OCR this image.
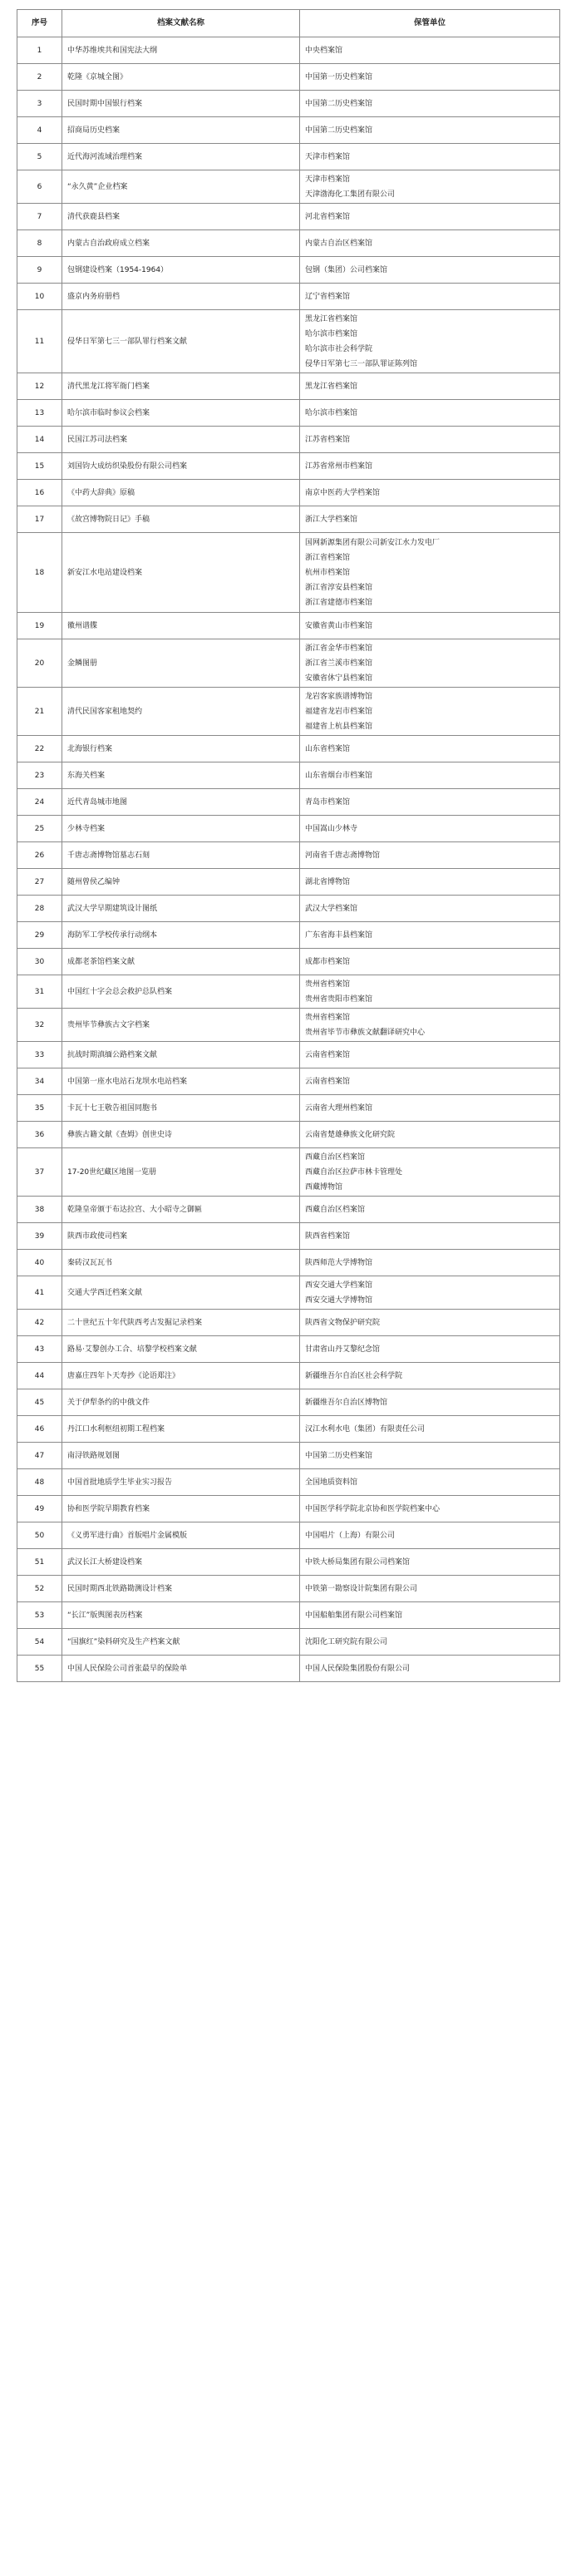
序号	档案文献名称	保管单位
1	中华苏维埃共和国宪法大纲	中央档案馆

2	乾隆《京城全图》	中国第一历史档案馆

3	民国时期中国银行档案	中国第二历史档案馆

4	招商局历史档案	中国第二历史档案馆

5	近代海河流域治理档案	天津市档案馆

6	“永久黄”企业档案	天津市档案馆
天津渤海化工集团有限公司

7	清代获鹿县档案	河北省档案馆

8	内蒙古自治政府成立档案	内蒙古自治区档案馆

9	包钢建设档案（1954-1964）	包钢（集团）公司档案馆

10	盛京内务府册档	辽宁省档案馆

11	侵华日军第七三一部队罪行档案文献	黑龙江省档案馆
哈尔滨市档案馆
哈尔滨市社会科学院
侵华日军第七三一部队罪证陈列馆

12	清代黑龙江将军衙门档案	黑龙江省档案馆

13	哈尔滨市临时参议会档案	哈尔滨市档案馆

14	民国江苏司法档案	江苏省档案馆

15	刘国钧大成纺织染股份有限公司档案	江苏省常州市档案馆

16	《中药大辞典》原稿	南京中医药大学档案馆

17	《故宫博物院日记》手稿	浙江大学档案馆

18	新安江水电站建设档案	国网新源集团有限公司新安江水力发电厂
浙江省档案馆
杭州市档案馆
浙江省淳安县档案馆
浙江省建德市档案馆

19	徽州谱牒	安徽省黄山市档案馆

20	金鳞图册	浙江省金华市档案馆
浙江省兰溪市档案馆
安徽省休宁县档案馆

21	清代民国客家租地契约	龙岩客家族谱博物馆
福建省龙岩市档案馆
福建省上杭县档案馆

22	北海银行档案	山东省档案馆

23	东海关档案	山东省烟台市档案馆

24	近代青岛城市地图	青岛市档案馆

25	少林寺档案	中国嵩山少林寺

26	千唐志斋博物馆墓志石刻	河南省千唐志斋博物馆

27	随州曾侯乙编钟	湖北省博物馆

28	武汉大学早期建筑设计图纸	武汉大学档案馆

29	海防军工学校传承行动纲本	广东省海丰县档案馆

30	成都老茶馆档案文献	成都市档案馆

31	中国红十字会总会救护总队档案	贵州省档案馆
贵州省贵阳市档案馆

32	贵州毕节彝族古文字档案	贵州省档案馆
贵州省毕节市彝族文献翻译研究中心

33	抗战时期滇缅公路档案文献	云南省档案馆

34	中国第一座水电站石龙坝水电站档案	云南省档案馆

35	卡瓦十七王敬告祖国同胞书	云南省大理州档案馆

36	彝族古籍文献《查姆》创世史诗	云南省楚雄彝族文化研究院

37	17-20世纪藏区地图一览册	西藏自治区档案馆
西藏自治区拉萨市林卡管理处
西藏博物馆

38	乾隆皇帝颁于布达拉宫、大小昭寺之御匾	西藏自治区档案馆

39	陕西市政使司档案	陕西省档案馆

40	秦砖汉瓦瓦书	陕西师范大学博物馆

41	交通大学西迁档案文献	西安交通大学档案馆
西安交通大学博物馆

42	二十世纪五十年代陕西考古发掘记录档案	陕西省文物保护研究院

43	路易·艾黎创办工合、培黎学校档案文献	甘肃省山丹艾黎纪念馆

44	唐嘉庄四年卜天寿抄《论语郑注》	新疆维吾尔自治区社会科学院

45	关于伊犁条约的中俄文件	新疆维吾尔自治区博物馆

46	丹江口水利枢纽初期工程档案	汉江水利水电（集团）有限责任公司

47	南浔铁路规划图	中国第二历史档案馆

48	中国首批地质学生毕业实习报告	全国地质资料馆

49	协和医学院早期教育档案	中国医学科学院北京协和医学院档案中心

50	《义勇军进行曲》首版唱片金属模版	中国唱片（上海）有限公司

51	武汉长江大桥建设档案	中铁大桥局集团有限公司档案馆

52	民国时期西北铁路勘测设计档案	中铁第一勘察设计院集团有限公司

53	“长江”版舆图表历档案	中国船舶集团有限公司档案馆

54	“国旗红”染料研究及生产档案文献	沈阳化工研究院有限公司

55	中国人民保险公司首张最早的保险单	中国人民保险集团股份有限公司
